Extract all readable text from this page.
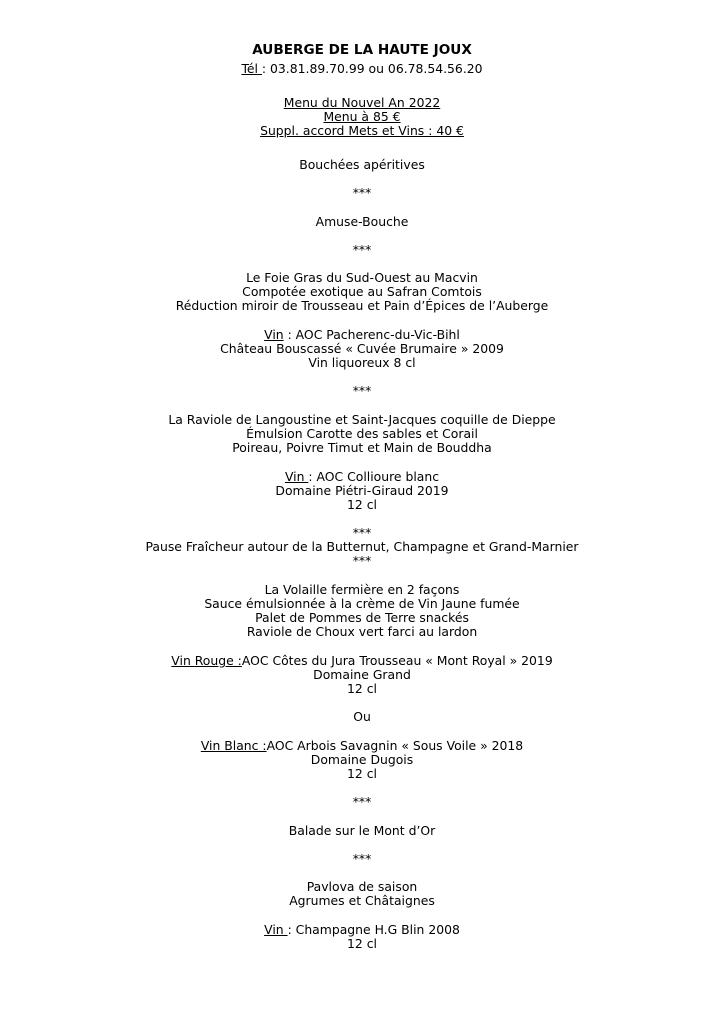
AUBERGE DE LA HAUTE JOUX
Tél : 03.81.89.70.99 ou 06.78.54.56.20
Menu du Nouvel An 2022
Menu à 85 €
Suppl. accord Mets et Vins : 40 €
Bouchées apéritives
***
Amuse-Bouche
***
Le Foie Gras du Sud-Ouest au Macvin
Compotée exotique au Safran Comtois
Réduction miroir de Trousseau et Pain d’Épices de l’Auberge
Vin : AOC Pacherenc-du-Vic-Bihl
Château Bouscassé « Cuvée Brumaire » 2009
Vin liquoreux 8 cl
***
La Raviole de Langoustine et Saint-Jacques coquille de Dieppe
Émulsion Carotte des sables et Corail
Poireau, Poivre Timut et Main de Bouddha
Vin : AOC Collioure blanc
Domaine Piétri-Giraud 2019
12 cl
***
Pause Fraîcheur autour de la Butternut, Champagne et Grand-Marnier
***
La Volaille fermière en 2 façons
Sauce émulsionnée à la crème de Vin Jaune fumée
Palet de Pommes de Terre snackés
Raviole de Choux vert farci au lardon
Vin Rouge :AOC Côtes du Jura Trousseau « Mont Royal » 2019
Domaine Grand
12 cl
Ou
Vin Blanc :AOC Arbois Savagnin « Sous Voile » 2018
Domaine Dugois
12 cl
***
Balade sur le Mont d’Or
***
Pavlova de saison
Agrumes et Châtaignes
Vin : Champagne H.G Blin 2008
12 cl
